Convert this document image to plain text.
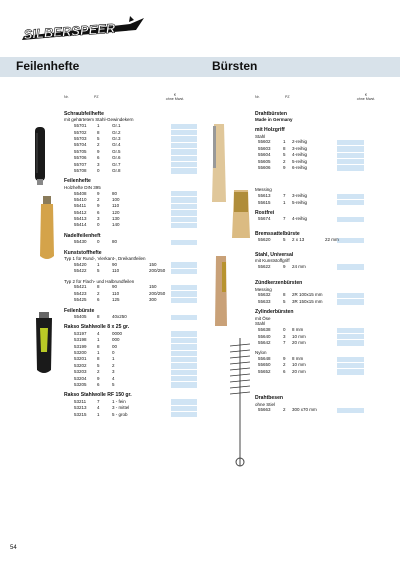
SILBERSPEER
Feilenhefte	Bürsten
Nr.	PZ	€
ohne Mwst.
Schraubfeilhefte
mit gehärtetem Stahl-Gewindekern
55701 1	Gr.1
55702 8	Gr.2
55703 5	Gr.3
55704 2	Gr.4
55705 9	Gr.5
55706 6	Gr.6
55707 3	Gr.7
55708 0	Gr.8
Feilenhefte
Holzhefte DIN 395
55408 9	80
55410 2	100
55411 9	110
55412 6	120
55413 3	130
55414 0	140
Nadelfeilenheft
55430 0	80
Kunststoffhefte
Typ 1 für Rund-, Vierkant-, Dreikantfeilen
55420 1	90	150
55422 5	110	200/250
Typ 2 für Flach- und Halbrundfeilen
55421 8	90	150
55423 2	110	200/250
55425 6	125	300
Feilenbürste
55405 8	40x250
Rakso Stahlwolle 8 x 25 gr.
53197 4	0000
53198 1	000
53199 8	00
53200 1	0
53201 8	1
53202 5	2
53203 2	3
53204 9	4
53205 6	5
Rakso Stahlwolle RF 150 gr.
53211 7	1 - fein
53213 4	3 - mittel
53215 1	5 - grob
Nr.	PZ	€
ohne Mwst.
Drahtbürsten
Made in Germany
mit Holzgriff
Stahl
55602	1 2-reihig
55603	8 3-reihig
55604	5 4-reihig
55605	2 5-reihig
55606	9 6-reihig
Messing
55613	7 3-reihig
55615	1 5-reihig
Rostfrei
55674	7 4-reihig
Bremssattelbürste
55620	5 2 x 13	22 mm
Stahl, Universal
mit Kunststoffgriff
55622	9 24 mm
Zündkerzenbürsten
Messing
55632	8 2R 100x15 mm
55633	5 3R 150x15 mm
Zylinderbürsten
mit Öse
Stahl
55638	0 8 mm
55640	3 10 mm
55642	7 20 mm
Nylon
55648	9 8 mm
55650	2 10 mm
55652	6 20 mm
Drahtbesen
ohne Stiel
55663	2 300 x70 mm
54
